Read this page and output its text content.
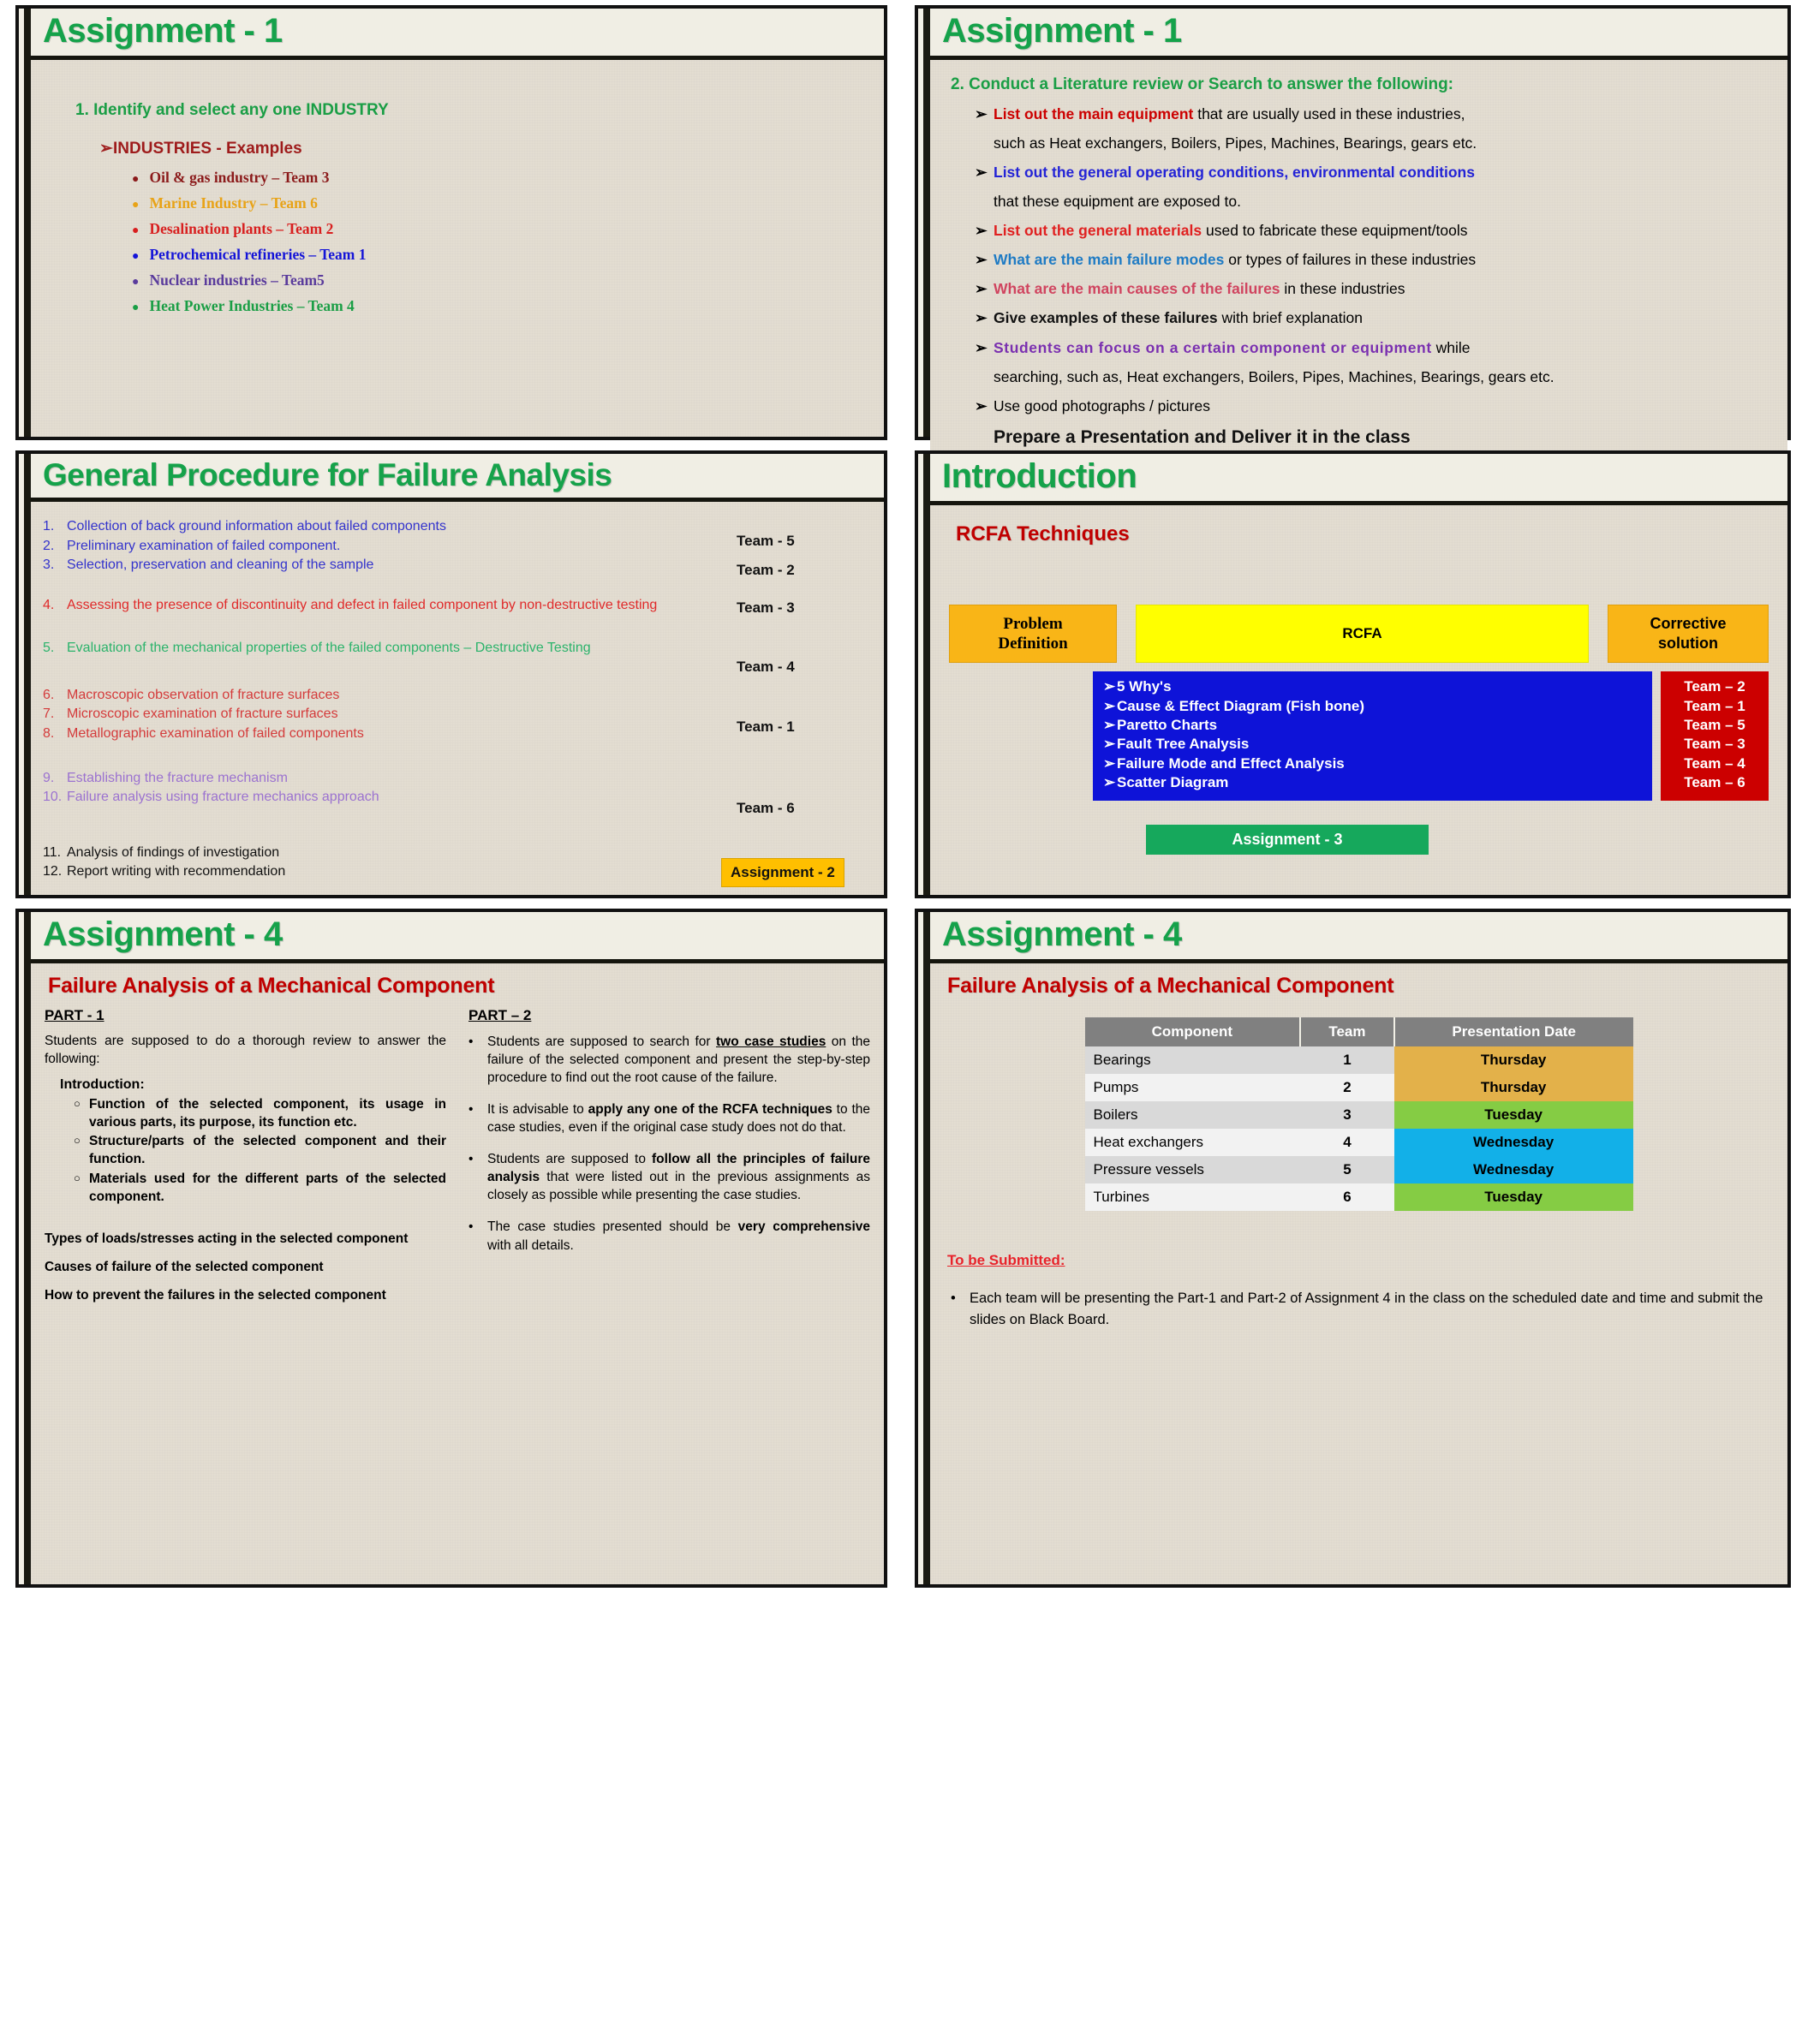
Assignment - 1
1. Identify and select any one INDUSTRY
➢INDUSTRIES - Examples
● Oil & gas industry – Team 3
● Marine Industry – Team 6
● Desalination plants – Team 2
● Petrochemical refineries – Team 1
● Nuclear industries – Team5
● Heat Power Industries – Team 4
Assignment - 1
2. Conduct a Literature review or Search to answer the following:
➢ List out the main equipment that are usually used in these industries,
such as Heat exchangers, Boilers, Pipes, Machines, Bearings, gears etc.
➢ List out the general operating conditions, environmental conditions
that these equipment are exposed to.
➢ List out the general materials used to fabricate these equipment/tools
➢ What are the main failure modes or types of failures in these industries
➢ What are the main causes of the failures in these industries
➢ Give examples of these failures with brief explanation
➢ Students can focus on a certain component or equipment while
searching, such as, Heat exchangers, Boilers, Pipes, Machines, Bearings, gears etc.
➢ Use good photographs / pictures
Prepare a Presentation and Deliver it in the class
General Procedure for Failure Analysis
1. Collection of back ground information about failed components
2. Preliminary examination of failed component.
3. Selection, preservation and cleaning of the sample
4. Assessing the presence of discontinuity and defect in failed component by non-destructive testing
5. Evaluation of the mechanical properties of the failed components – Destructive Testing
6. Macroscopic observation of fracture surfaces
7. Microscopic examination of fracture surfaces
8. Metallographic examination of failed components
9. Establishing the fracture mechanism
10. Failure analysis using fracture mechanics approach
11. Analysis of findings of investigation
12. Report writing with recommendation
Team - 5
Team - 2
Team - 3
Team - 4
Team - 1
Team - 6
Assignment - 2
Introduction
RCFA Techniques
Problem
Definition
RCFA
Corrective
solution
➢ 5 Why's
➢ Cause & Effect Diagram (Fish bone)
➢ Paretto Charts
➢ Fault Tree Analysis
➢ Failure Mode and Effect Analysis
➢ Scatter Diagram
Team – 2
Team – 1
Team – 5
Team – 3
Team – 4
Team – 6
Assignment - 3
Assignment - 4
Failure Analysis of a Mechanical Component
PART - 1
Students are supposed to do a thorough review to answer the following:
Introduction:
○ Function of the selected component, its usage in various parts, its purpose, its function etc.
○ Structure/parts of the selected component and their function.
○ Materials used for the different parts of the selected component.
Types of loads/stresses acting in the selected component
Causes of failure of the selected component
How to prevent the failures in the selected component
PART – 2
•	Students are supposed to search for two case studies on the failure of the selected component and present the step-by-step procedure to find out the root cause of the failure.
•	It is advisable to apply any one of the RCFA techniques to the case studies, even if the original case study does not do that.
•	Students are supposed to follow all the principles of failure analysis that were listed out in the previous assignments as closely as possible while presenting the case studies.
•	The case studies presented should be very comprehensive with all details.
Assignment - 4
Failure Analysis of a Mechanical Component
Component	Team	Presentation Date
Bearings	1	Thursday
Pumps	2	Thursday
Boilers	3	Tuesday
Heat exchangers	4	Wednesday
Pressure vessels	5	Wednesday
Turbines	6	Tuesday
To be Submitted:
• Each team will be presenting the Part-1 and Part-2 of Assignment 4 in the class on the scheduled date and time and submit the slides on Black Board.
